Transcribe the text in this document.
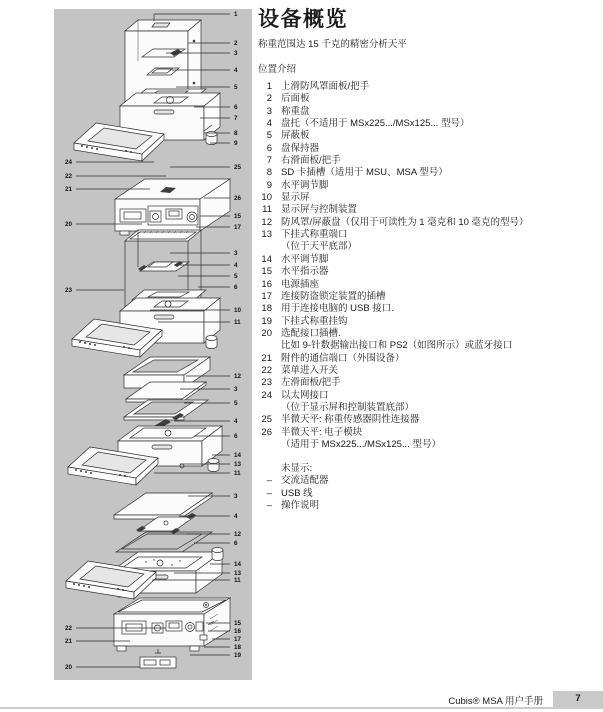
1
2
3
4
5
6
7
8
9
25
26
15
17
3
4
5
6
10
11
12
3
5
4
6
14
13
11
3
4
12
6
14
13
11
15
16
17
18
19
24
22
21
20
23
22
21
20
设备概览
称重范围达 15 千克的精密分析天平
位置介绍
1 上滑防风罩面板/把手
2 后面板
3 称重盘
4 盘托（不适用于 MSx225.../MSx125... 型号）
5 屏蔽板
6 盘保持器
7 右滑面板/把手
8 SD 卡插槽（适用于 MSU、MSA 型号）
9 水平调节脚
10 显示屏
11 显示屏与控制装置
12 防风罩/屏蔽盘（仅用于可读性为 1 毫克和 10 毫克的型号）
13 下挂式称重端口
（位于天平底部）
14 水平调节脚
15 水平指示器
16 电源插座
17 连接防盗锁定装置的插槽
18 用于连接电脑的 USB 接口.
19 下挂式称重挂钩
20 选配接口插槽.
比如 9-针数据输出接口和 PS2（如图所示）或蓝牙接口
21 附件的通信端口（外围设备）
22 菜单进入开关
23 左滑面板/把手
24 以太网接口
（位于显示屏和控制装置底部）
25 半微天平: 称重传感器阴性连接器
26 半微天平: 电子模块
（适用于 MSx225.../MSx125... 型号）
未显示:
– 交流适配器
– USB 线
– 操作说明
Cubis® MSA 用户手册	7
